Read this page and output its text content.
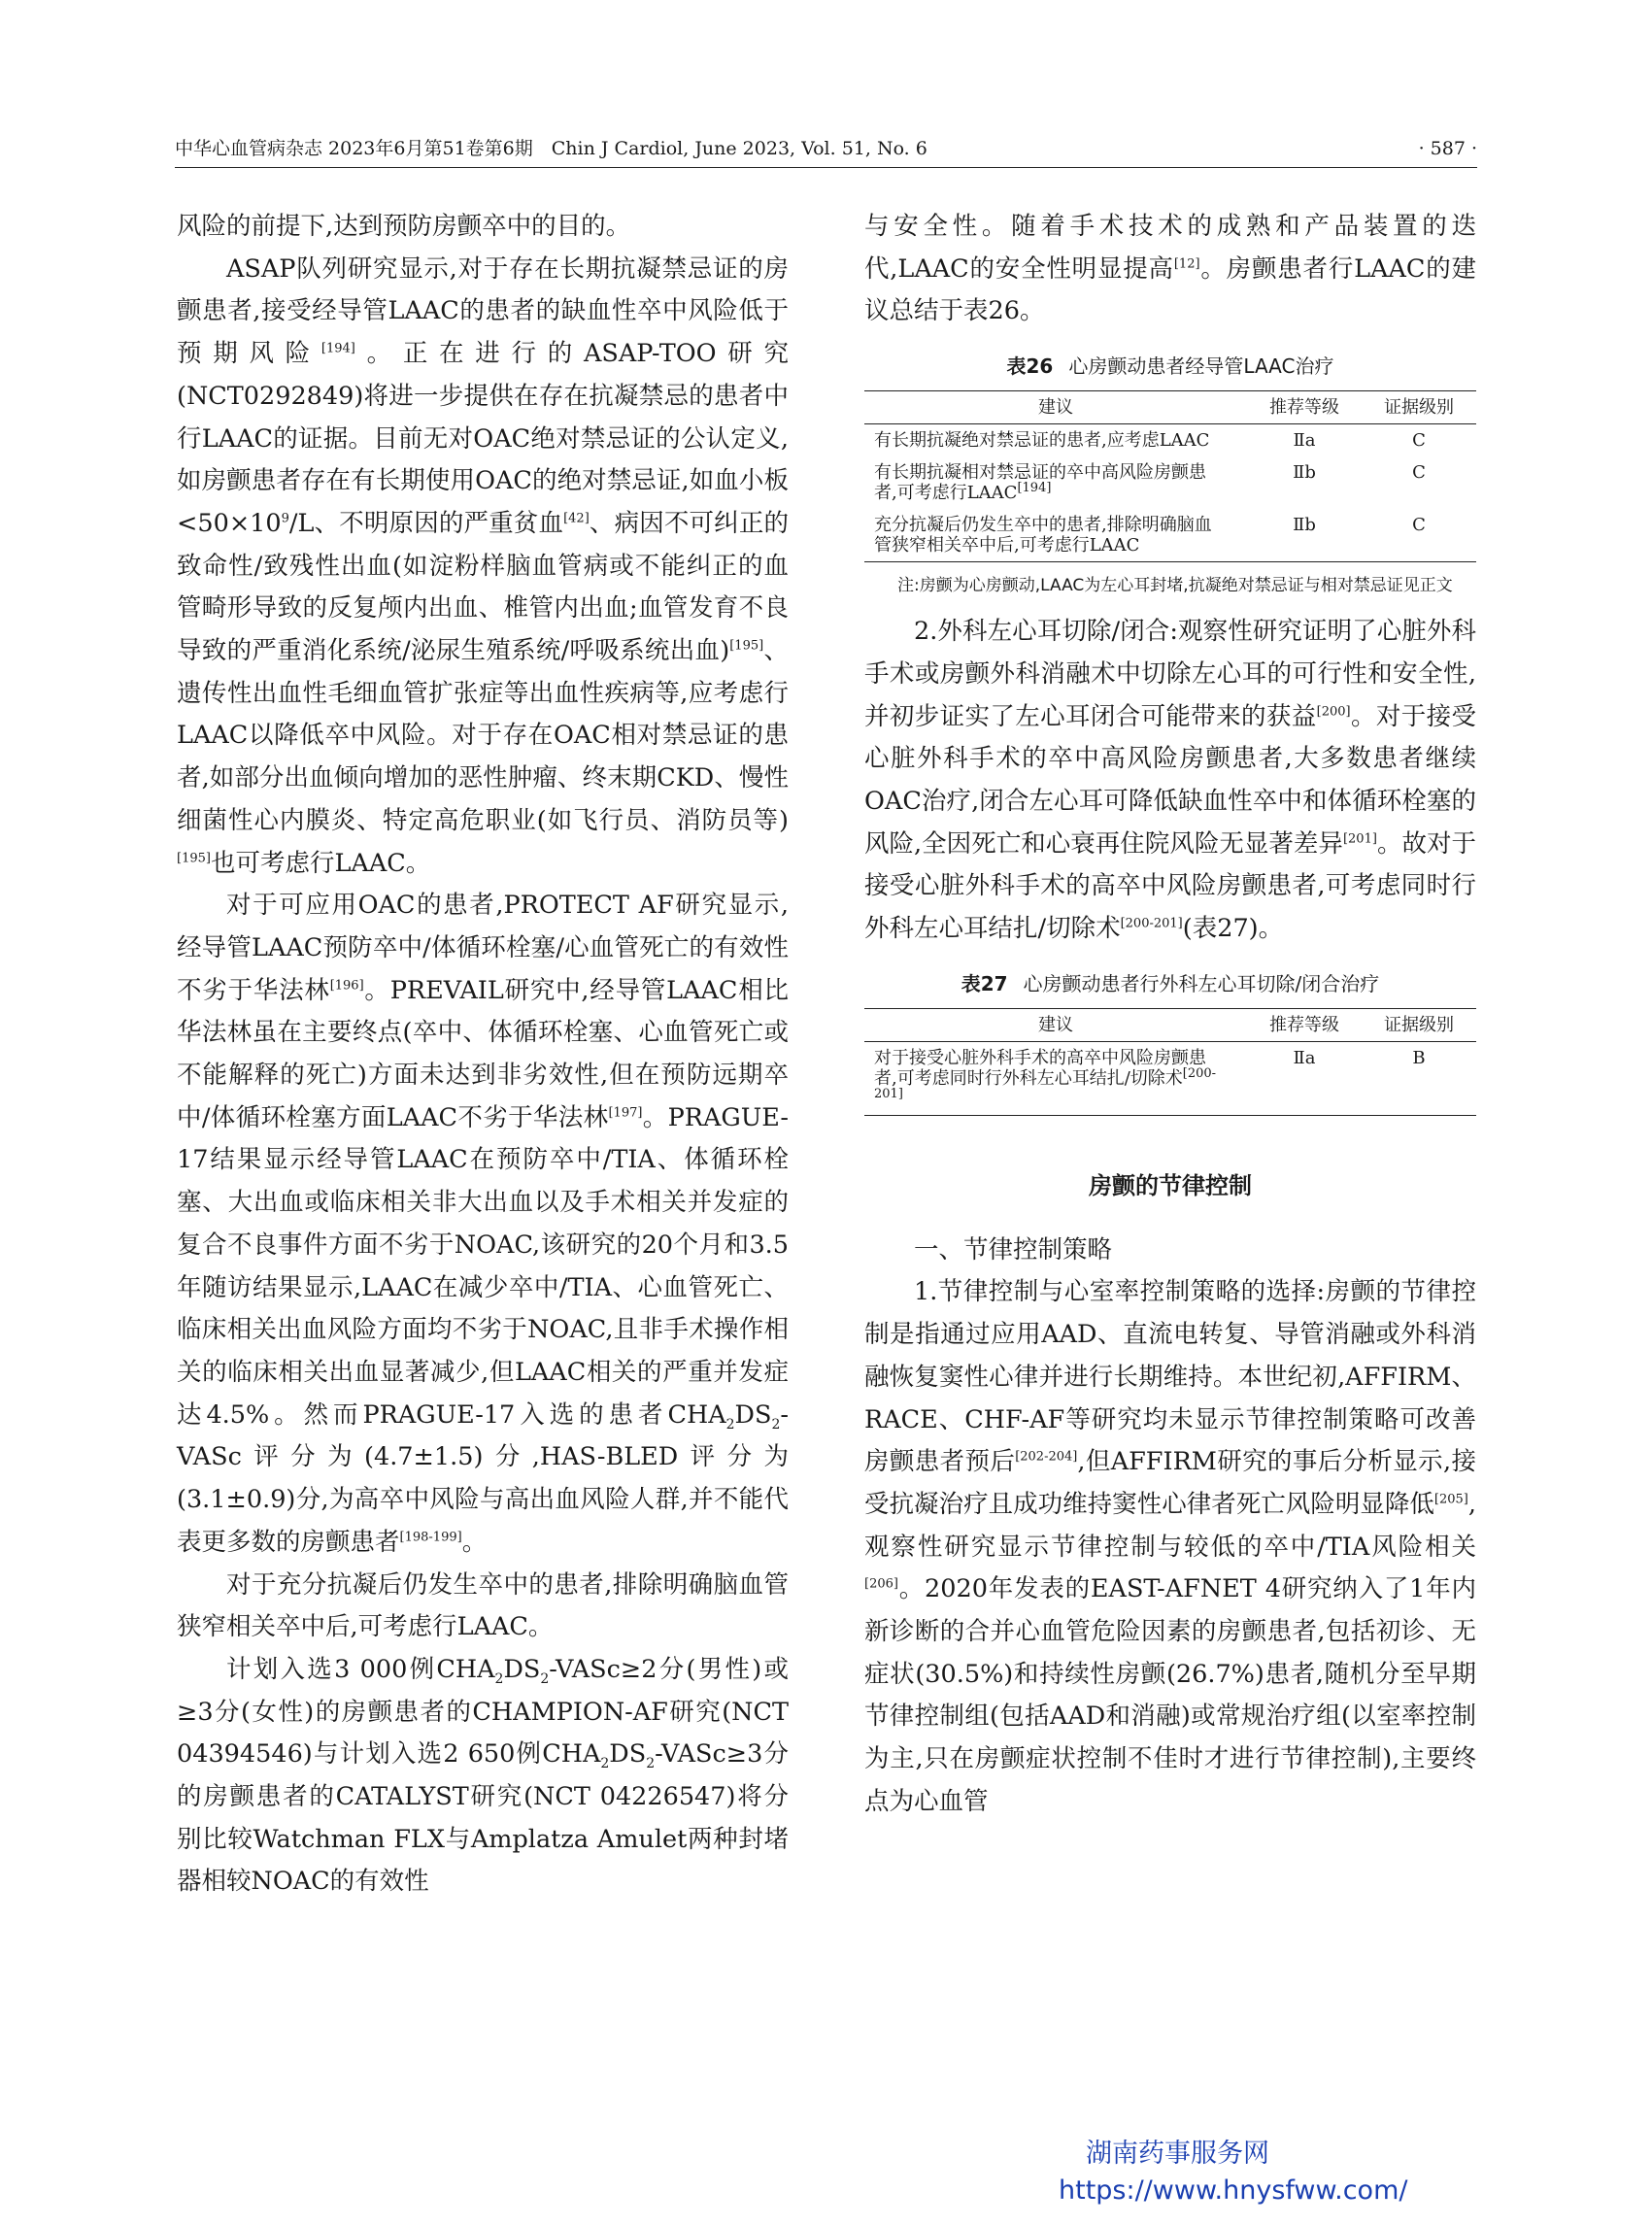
中华心血管病杂志 2023年6月第51卷第6期　Chin J Cardiol, June 2023, Vol. 51, No. 6	· 587 ·

风险的前提下,达到预防房颤卒中的目的。

ASAP队列研究显示,对于存在长期抗凝禁忌证的房颤患者,接受经导管LAAC的患者的缺血性卒中风险低于预期风险[194]。正在进行的ASAP-TOO研究(NCT0292849)将进一步提供在存在抗凝禁忌的患者中行LAAC的证据。目前无对OAC绝对禁忌证的公认定义,如房颤患者存在有长期使用OAC的绝对禁忌证,如血小板$<50\times 10^9/L$、不明原因的严重贫血[42]、病因不可纠正的致命性/致残性出血(如淀粉样脑血管病或不能纠正的血管畸形导致的反复颅内出血、椎管内出血;血管发育不良导致的严重消化系统/泌尿生殖系统/呼吸系统出血)[195]、遗传性出血性毛细血管扩张症等出血性疾病等,应考虑行LAAC以降低卒中风险。对于存在OAC相对禁忌证的患者,如部分出血倾向增加的恶性肿瘤、终末期CKD、慢性细菌性心内膜炎、特定高危职业(如飞行员、消防员等)[195]也可考虑行LAAC。

对于可应用OAC的患者,PROTECT AF研究显示,经导管LAAC预防卒中/体循环栓塞/心血管死亡的有效性不劣于华法林[196]。PREVAIL研究中,经导管LAAC相比华法林虽在主要终点(卒中、体循环栓塞、心血管死亡或不能解释的死亡)方面未达到非劣效性,但在预防远期卒中/体循环栓塞方面LAAC不劣于华法林[197]。PRAGUE-17结果显示经导管LAAC在预防卒中/TIA、体循环栓塞、大出血或临床相关非大出血以及手术相关并发症的复合不良事件方面不劣于NOAC,该研究的20个月和3.5年随访结果显示,LAAC在减少卒中/TIA、心血管死亡、临床相关出血风险方面均不劣于NOAC,且非手术操作相关的临床相关出血显著减少,但LAAC相关的严重并发症达4.5%。然而PRAGUE-17入选的患者$CHA_2DS_2$-VASc评分为(4.7±1.5)分,HAS-BLED评分为(3.1±0.9)分,为高卒中风险与高出血风险人群,并不能代表更多数的房颤患者[198-199]。

对于充分抗凝后仍发生卒中的患者,排除明确脑血管狭窄相关卒中后,可考虑行LAAC。

计划入选3 000例$CHA_2DS_2-VASc\ge 2$分(男性)或≥3分(女性)的房颤患者的CHAMPION-AF研究(NCT 04394546)与计划入选2 650例$CHA_2DS_2-VASc\ge 3$分的房颤患者的CATALYST研究(NCT 04226547)将分别比较Watchman FLX与Amplatza Amulet两种封堵器相较NOAC的有效性

与安全性。随着手术技术的成熟和产品装置的迭代,LAAC的安全性明显提高[12]。房颤患者行LAAC的建议总结于表26。

表26 心房颤动患者经导管LAAC治疗
建议	推荐等级	证据级别
有长期抗凝绝对禁忌证的患者,应考虑LAAC	Ⅱa	C
有长期抗凝相对禁忌证的卒中高风险房颤患者,可考虑行LAAC[194]	Ⅱb	C
充分抗凝后仍发生卒中的患者,排除明确脑血管狭窄相关卒中后,可考虑行LAAC	Ⅱb	C
注:房颤为心房颤动,LAAC为左心耳封堵,抗凝绝对禁忌证与相对禁忌证见正文

2.外科左心耳切除/闭合:观察性研究证明了心脏外科手术或房颤外科消融术中切除左心耳的可行性和安全性,并初步证实了左心耳闭合可能带来的获益[200]。对于接受心脏外科手术的卒中高风险房颤患者,大多数患者继续OAC治疗,闭合左心耳可降低缺血性卒中和体循环栓塞的风险,全因死亡和心衰再住院风险无显著差异[201]。故对于接受心脏外科手术的高卒中风险房颤患者,可考虑同时行外科左心耳结扎/切除术[200-201](表27)。

表27 心房颤动患者行外科左心耳切除/闭合治疗
建议	推荐等级	证据级别
对于接受心脏外科手术的高卒中风险房颤患者,可考虑同时行外科左心耳结扎/切除术[200-201]	Ⅱa	B
房颤的节律控制

一、节律控制策略

1.节律控制与心室率控制策略的选择:房颤的节律控制是指通过应用AAD、直流电转复、导管消融或外科消融恢复窦性心律并进行长期维持。本世纪初,AFFIRM、RACE、CHF-AF等研究均未显示节律控制策略可改善房颤患者预后[202-204],但AFFIRM研究的事后分析显示,接受抗凝治疗且成功维持窦性心律者死亡风险明显降低[205],观察性研究显示节律控制与较低的卒中/TIA风险相关[206]。2020年发表的EAST-AFNET 4研究纳入了1年内新诊断的合并心血管危险因素的房颤患者,包括初诊、无症状(30.5%)和持续性房颤(26.7%)患者,随机分至早期节律控制组(包括AAD和消融)或常规治疗组(以室率控制为主,只在房颤症状控制不佳时才进行节律控制),主要终点为心血管

湖南药事服务网
https://www.hnysfww.com/
